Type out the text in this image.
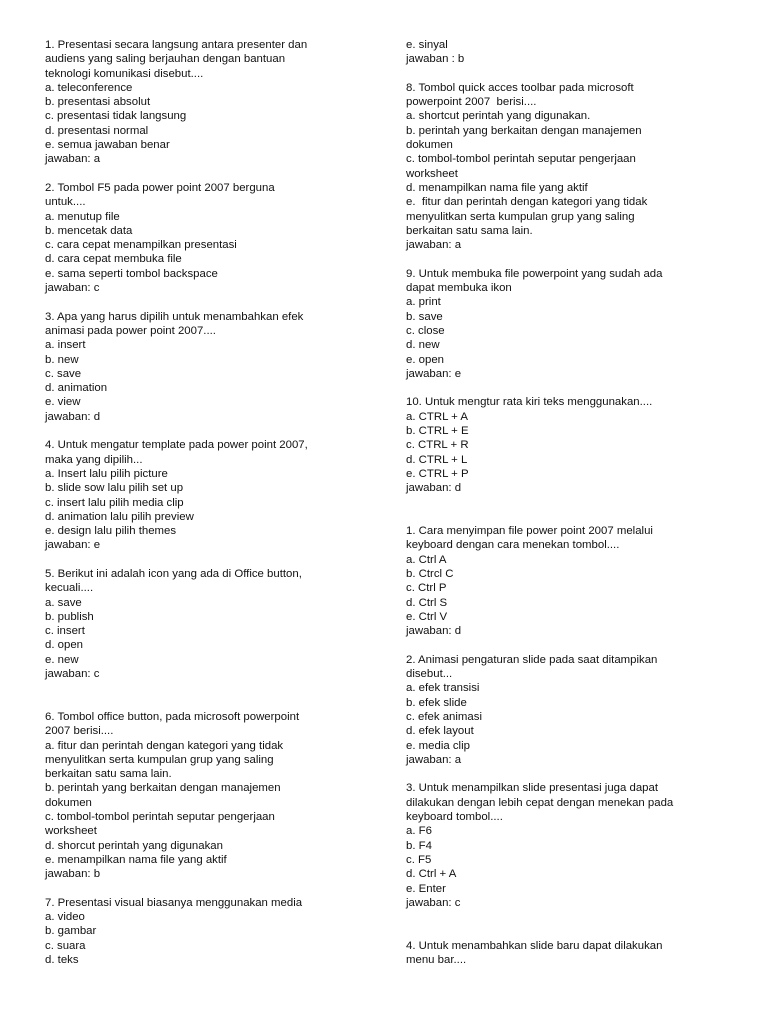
1. Presentasi secara langsung antara presenter dan
audiens yang saling berjauhan dengan bantuan
teknologi komunikasi disebut....
a. teleconference
b. presentasi absolut
c. presentasi tidak langsung
d. presentasi normal
e. semua jawaban benar
jawaban: a
2. Tombol F5 pada power point 2007 berguna
untuk....
a. menutup file
b. mencetak data
c. cara cepat menampilkan presentasi
d. cara cepat membuka file
e. sama seperti tombol backspace
jawaban: c
3. Apa yang harus dipilih untuk menambahkan efek
animasi pada power point 2007....
a. insert
b. new
c. save
d. animation
e. view
jawaban: d
4. Untuk mengatur template pada power point 2007,
maka yang dipilih...
a. Insert lalu pilih picture
b. slide sow lalu pilih set up
c. insert lalu pilih media clip
d. animation lalu pilih preview
e. design lalu pilih themes
jawaban: e
5. Berikut ini adalah icon yang ada di Office button,
kecuali....
a. save
b. publish
c. insert
d. open
e. new
jawaban: c
6. Tombol office button, pada microsoft powerpoint
2007 berisi....
a. fitur dan perintah dengan kategori yang tidak
menyulitkan serta kumpulan grup yang saling
berkaitan satu sama lain.
b. perintah yang berkaitan dengan manajemen
dokumen
c. tombol-tombol perintah seputar pengerjaan
worksheet
d. shorcut perintah yang digunakan
e. menampilkan nama file yang aktif
jawaban: b
7. Presentasi visual biasanya menggunakan media
a. video
b. gambar
c. suara
d. teks
e. sinyal
jawaban : b
8. Tombol quick acces toolbar pada microsoft
powerpoint 2007  berisi....
a. shortcut perintah yang digunakan.
b. perintah yang berkaitan dengan manajemen
dokumen
c. tombol-tombol perintah seputar pengerjaan
worksheet
d. menampilkan nama file yang aktif
e.  fitur dan perintah dengan kategori yang tidak
menyulitkan serta kumpulan grup yang saling
berkaitan satu sama lain.
jawaban: a
9. Untuk membuka file powerpoint yang sudah ada
dapat membuka ikon
a. print
b. save
c. close
d. new
e. open
jawaban: e
10. Untuk mengtur rata kiri teks menggunakan....
a. CTRL + A
b. CTRL + E
c. CTRL + R
d. CTRL + L
e. CTRL + P
jawaban: d
1. Cara menyimpan file power point 2007 melalui
keyboard dengan cara menekan tombol....
a. Ctrl A
b. Ctrcl C
c. Ctrl P
d. Ctrl S
e. Ctrl V
jawaban: d
2. Animasi pengaturan slide pada saat ditampikan
disebut...
a. efek transisi
b. efek slide
c. efek animasi
d. efek layout
e. media clip
jawaban: a
3. Untuk menampilkan slide presentasi juga dapat
dilakukan dengan lebih cepat dengan menekan pada
keyboard tombol....
a. F6
b. F4
c. F5
d. Ctrl + A
e. Enter
jawaban: c
4. Untuk menambahkan slide baru dapat dilakukan
menu bar....
